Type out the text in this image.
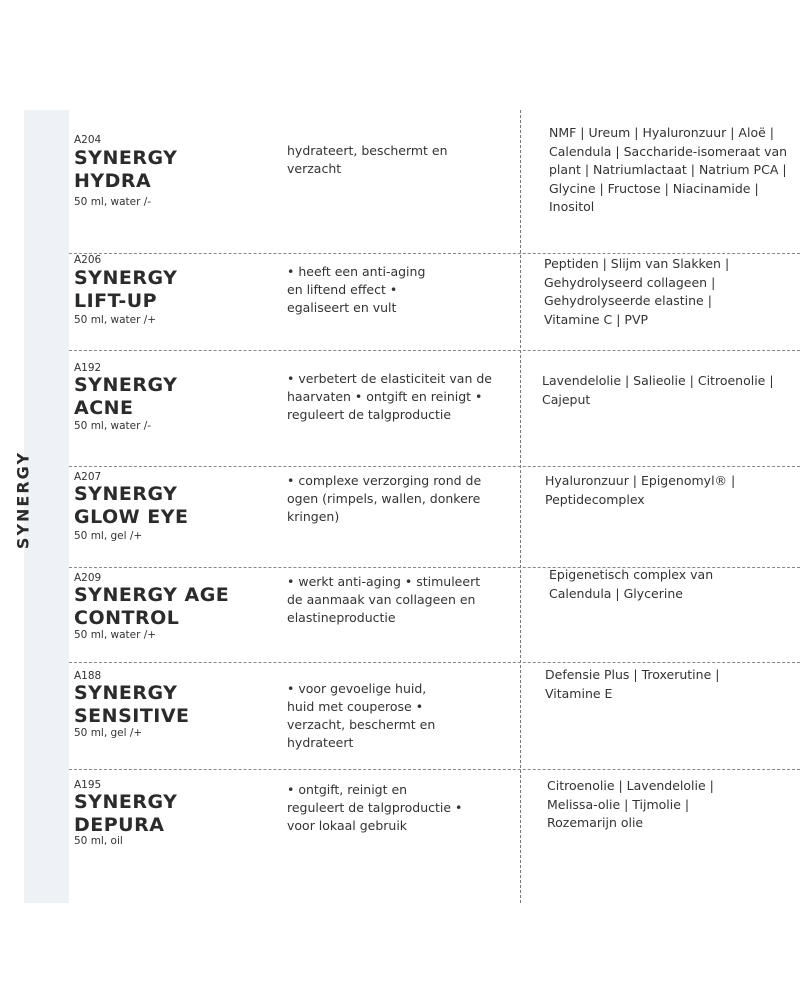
SYNERGY
A204
SYNERGY HYDRA
50 ml, water /-
hydrateert, beschermt en verzacht
NMF | Ureum | Hyaluronzuur | Aloë | Calendula | Saccharide-isomeraat van plant | Natriumlactaat | Natrium PCA | Glycine | Fructose | Niacinamide | Inositol
A206
SYNERGY LIFT-UP
50 ml, water /+
• heeft een anti-aging en liftend effect • egaliseert en vult
Peptiden | Slijm van Slakken | Gehydrolyseerd collageen | Gehydrolyseerde elastine | Vitamine C | PVP
A192
SYNERGY ACNE
50 ml, water /-
• verbetert de elasticiteit van de haarvaten • ontgift en reinigt • reguleert de talgproductie
Lavendelolie | Salieolie | Citroenolie | Cajeput
A207
SYNERGY GLOW EYE
50 ml, gel /+
• complexe verzorging rond de ogen (rimpels, wallen, donkere kringen)
Hyaluronzuur | Epigenomyl® | Peptidecomplex
A209
SYNERGY AGE CONTROL
50 ml, water /+
• werkt anti-aging • stimuleert de aanmaak van collageen en elastineproductie
Epigenetisch complex van Calendula | Glycerine
A188
SYNERGY SENSITIVE
50 ml, gel /+
• voor gevoelige huid, huid met couperose • verzacht, beschermt en hydrateert
Defensie Plus | Troxerutine | Vitamine E
A195
SYNERGY DEPURA
50 ml, oil
• ontgift, reinigt en reguleert de talgproductie • voor lokaal gebruik
Citroenolie | Lavendelolie | Melissa-olie | Tijmolie | Rozemarijn olie
